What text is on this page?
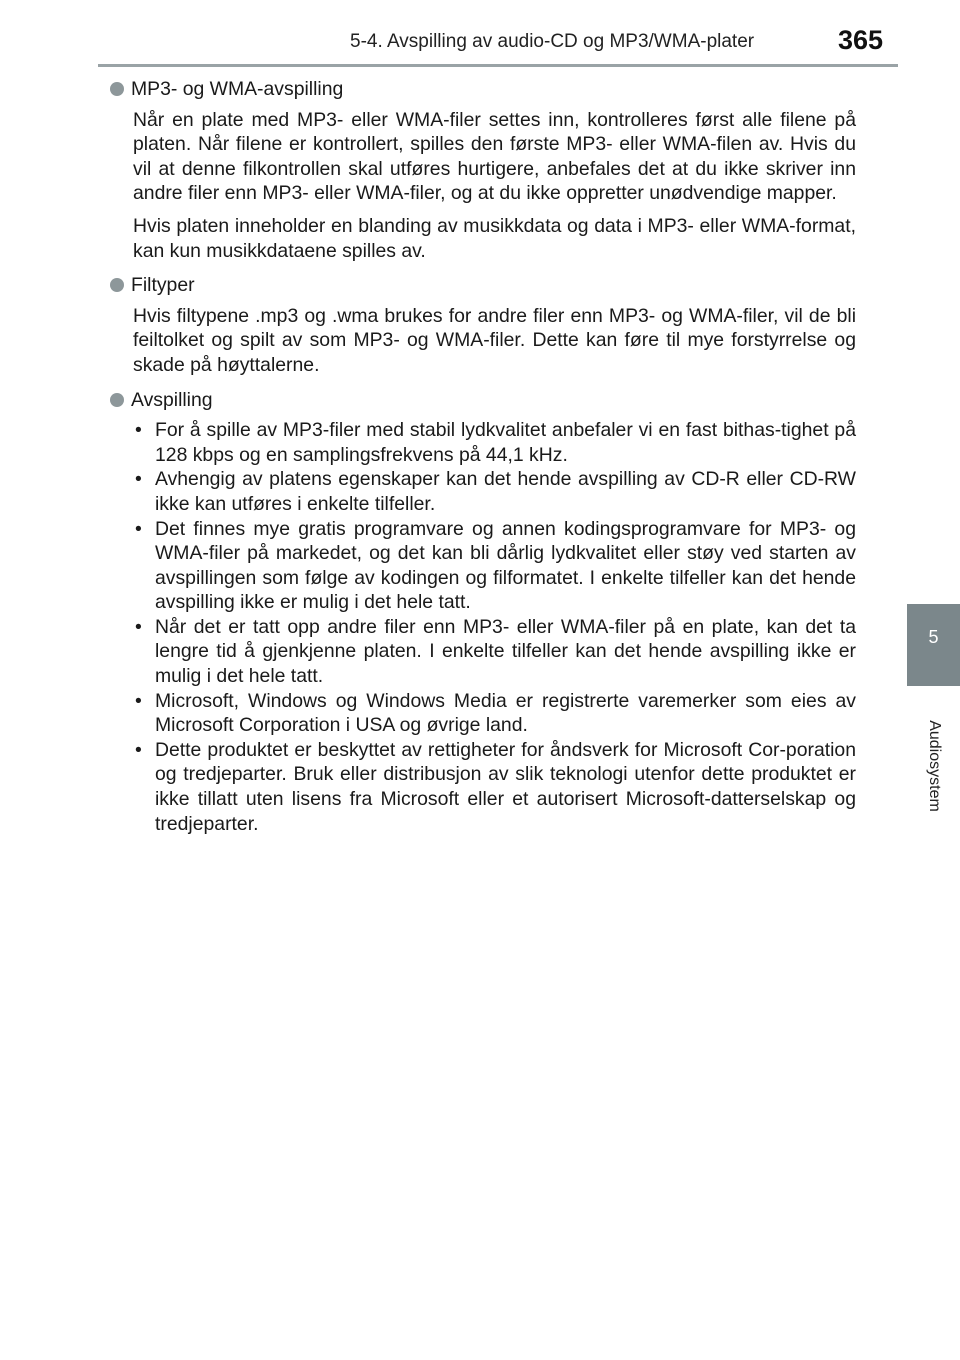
5-4. Avspilling av audio-CD og MP3/WMA-plater	365
5
Audiosystem
MP3- og WMA-avspilling

Når en plate med MP3- eller WMA-filer settes inn, kontrolleres først alle filene på platen. Når filene er kontrollert, spilles den første MP3- eller WMA-filen av. Hvis du vil at denne filkontrollen skal utføres hurtigere, anbefales det at du ikke skriver inn andre filer enn MP3- eller WMA-filer, og at du ikke oppretter unødvendige mapper.

Hvis platen inneholder en blanding av musikkdata og data i MP3- eller WMA-format, kan kun musikkdataene spilles av.

Filtyper

Hvis filtypene .mp3 og .wma brukes for andre filer enn MP3- og WMA-filer, vil de bli feiltolket og spilt av som MP3- og WMA-filer. Dette kan føre til mye forstyrrelse og skade på høyttalerne.

Avspilling
• For å spille av MP3-filer med stabil lydkvalitet anbefaler vi en fast bithas-tighet på 128 kbps og en samplingsfrekvens på 44,1 kHz.
• Avhengig av platens egenskaper kan det hende avspilling av CD-R eller CD-RW ikke kan utføres i enkelte tilfeller.
• Det finnes mye gratis programvare og annen kodingsprogramvare for MP3- og WMA-filer på markedet, og det kan bli dårlig lydkvalitet eller støy ved starten av avspillingen som følge av kodingen og filformatet. I enkelte tilfeller kan det hende avspilling ikke er mulig i det hele tatt.
• Når det er tatt opp andre filer enn MP3- eller WMA-filer på en plate, kan det ta lengre tid å gjenkjenne platen. I enkelte tilfeller kan det hende avspilling ikke er mulig i det hele tatt.
• Microsoft, Windows og Windows Media er registrerte varemerker som eies av Microsoft Corporation i USA og øvrige land.
• Dette produktet er beskyttet av rettigheter for åndsverk for Microsoft Cor-poration og tredjeparter. Bruk eller distribusjon av slik teknologi utenfor dette produktet er ikke tillatt uten lisens fra Microsoft eller et autorisert Microsoft-datterselskap og tredjeparter.
